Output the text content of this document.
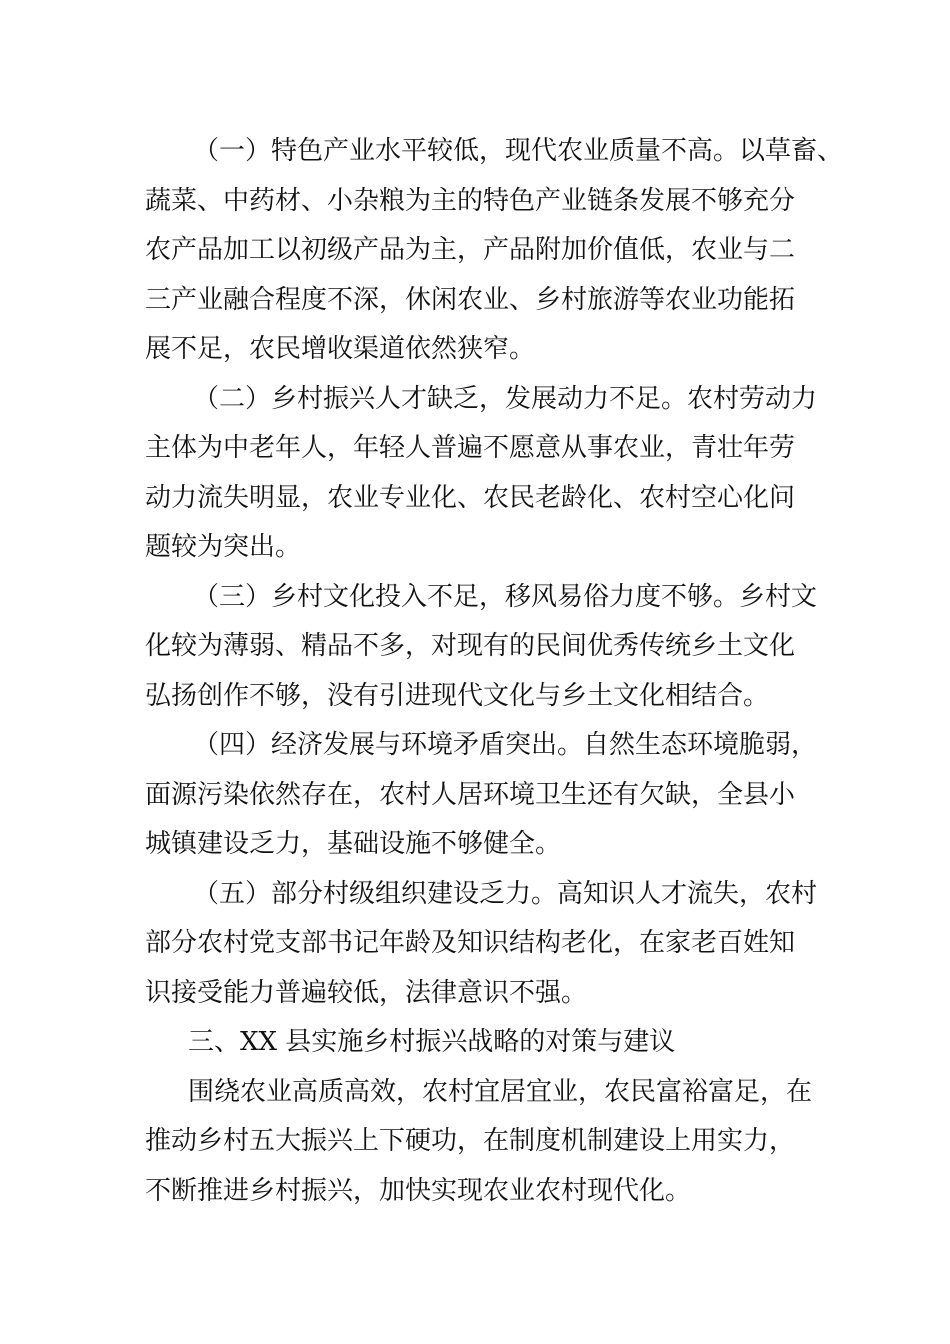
（一）特色产业水平较低，现代农业质量不高。以草畜、
蔬菜、中药材、小杂粮为主的特色产业链条发展不够充分
农产品加工以初级产品为主，产品附加价值低，农业与二
三产业融合程度不深，休闲农业、乡村旅游等农业功能拓
展不足，农民增收渠道依然狭窄。
（二）乡村振兴人才缺乏，发展动力不足。农村劳动力
主体为中老年人，年轻人普遍不愿意从事农业，青壮年劳
动力流失明显，农业专业化、农民老龄化、农村空心化问
题较为突出。
（三）乡村文化投入不足，移风易俗力度不够。乡村文
化较为薄弱、精品不多，对现有的民间优秀传统乡土文化
弘扬创作不够，没有引进现代文化与乡土文化相结合。
（四）经济发展与环境矛盾突出。自然生态环境脆弱，
面源污染依然存在，农村人居环境卫生还有欠缺，全县小
城镇建设乏力，基础设施不够健全。
（五）部分村级组织建设乏力。高知识人才流失，农村
部分农村党支部书记年龄及知识结构老化，在家老百姓知
识接受能力普遍较低，法律意识不强。
三、XX 县实施乡村振兴战略的对策与建议
围绕农业高质高效，农村宜居宜业，农民富裕富足，在
推动乡村五大振兴上下硬功，在制度机制建设上用实力，
不断推进乡村振兴，加快实现农业农村现代化。
